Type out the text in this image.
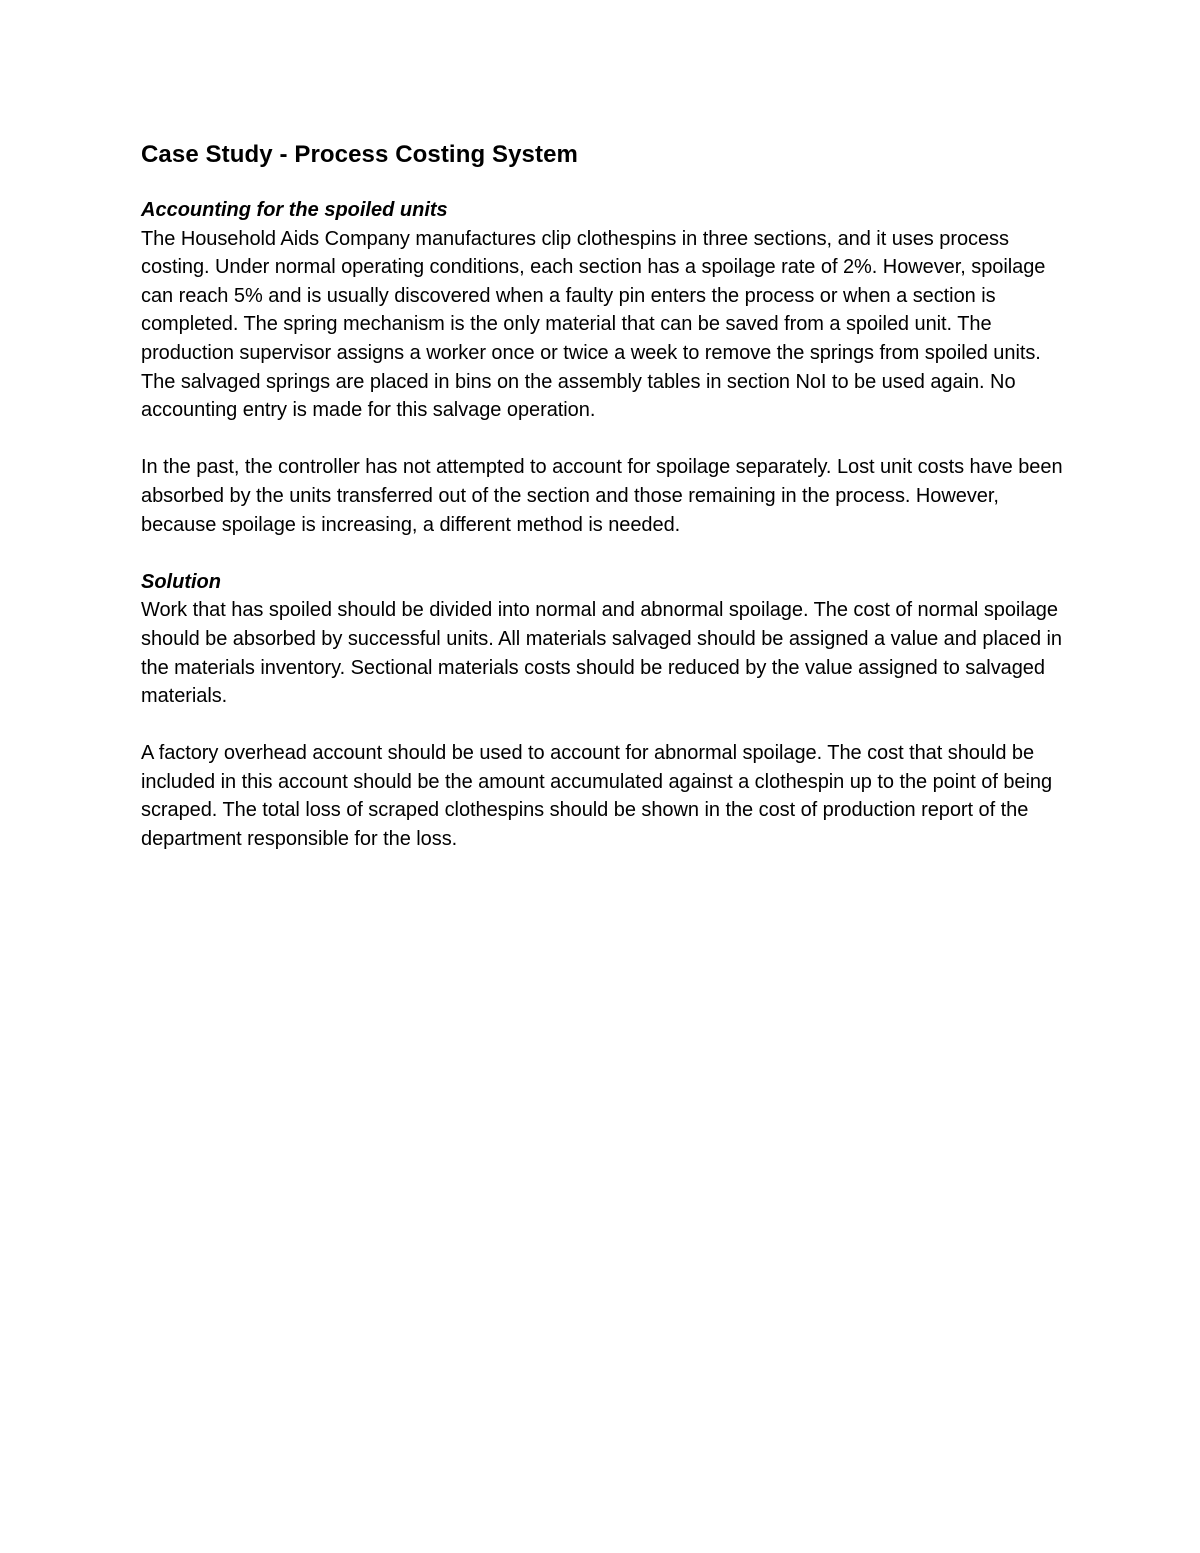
Case Study - Process Costing System
Accounting for the spoiled units

The Household Aids Company manufactures clip clothespins in three sections, and it uses process costing. Under normal operating conditions, each section has a spoilage rate of 2%. However, spoilage can reach 5% and is usually discovered when a faulty pin enters the process or when a section is completed. The spring mechanism is the only material that can be saved from a spoiled unit. The production supervisor assigns a worker once or twice a week to remove the springs from spoiled units. The salvaged springs are placed in bins on the assembly tables in section NoI to be used again. No accounting entry is made for this salvage operation.

In the past, the controller has not attempted to account for spoilage separately. Lost unit costs have been absorbed by the units transferred out of the section and those remaining in the process. However, because spoilage is increasing, a different method is needed.

Solution

Work that has spoiled should be divided into normal and abnormal spoilage. The cost of normal spoilage should be absorbed by successful units. All materials salvaged should be assigned a value and placed in the materials inventory. Sectional materials costs should be reduced by the value assigned to salvaged materials.

A factory overhead account should be used to account for abnormal spoilage. The cost that should be included in this account should be the amount accumulated against a clothespin up to the point of being scraped. The total loss of scraped clothespins should be shown in the cost of production report of the department responsible for the loss.
